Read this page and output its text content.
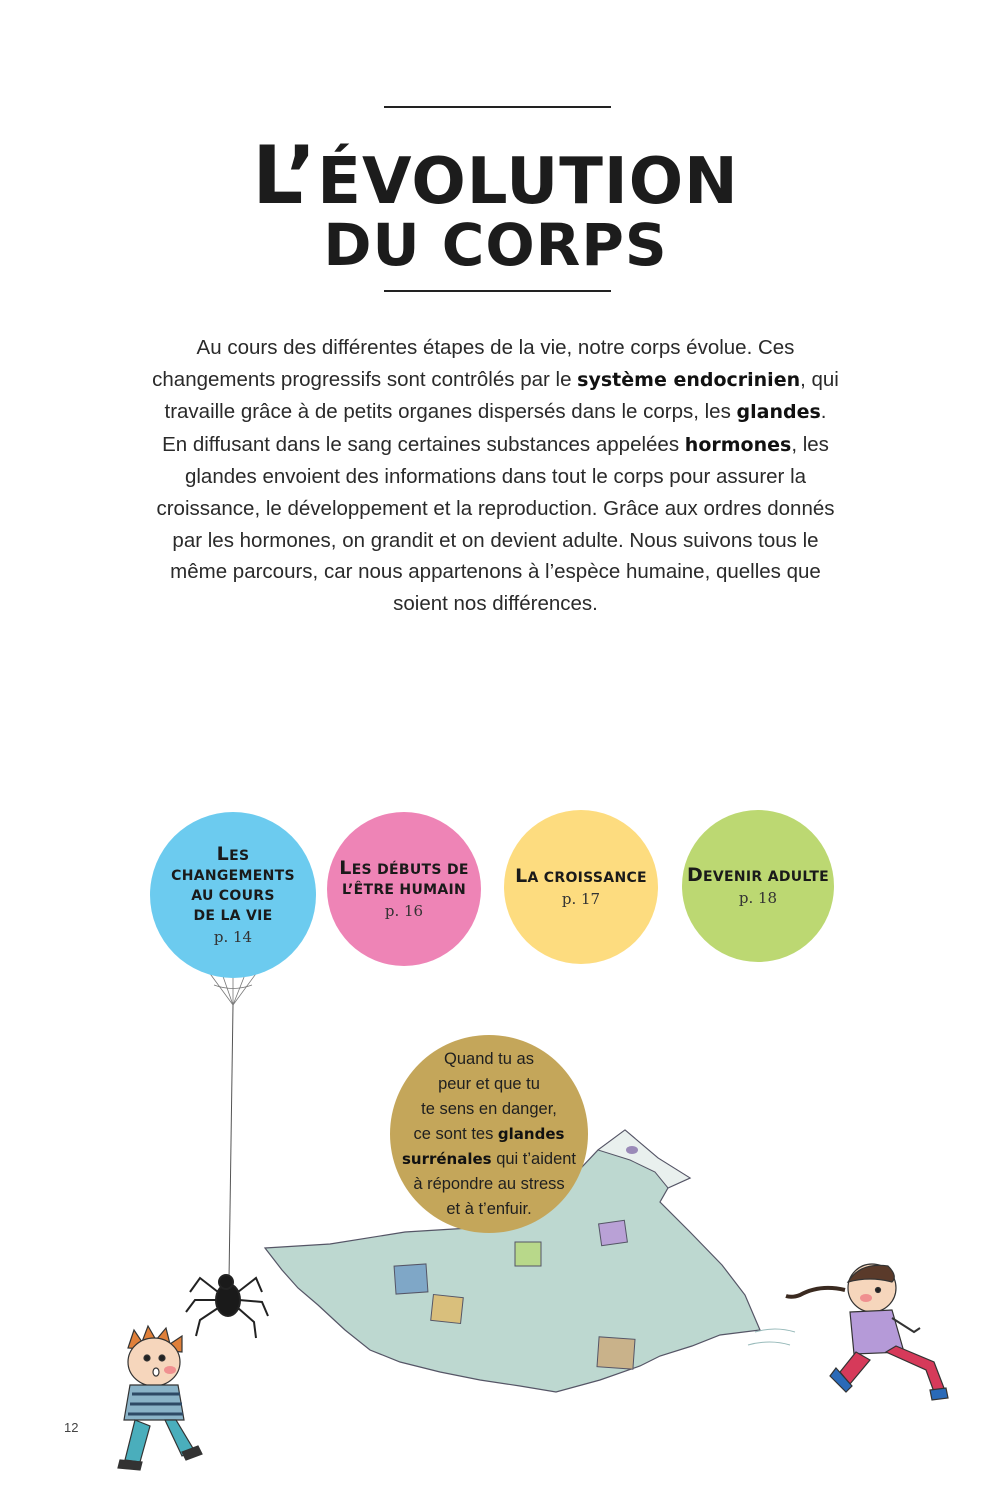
L’ÉVOLUTION
DU CORPS

Au cours des différentes étapes de la vie, notre corps évolue. Ces changements progressifs sont contrôlés par le système endocrinien, qui travaille grâce à de petits organes dispersés dans le corps, les glandes. En diffusant dans le sang certaines substances appelées hormones, les glandes envoient des informations dans tout le corps pour assurer la croissance, le développement et la reproduction. Grâce aux ordres donnés par les hormones, on grandit et on devient adulte. Nous suivons tous le même parcours, car nous appartenons à l’espèce humaine, quelles que soient nos différences.

LES
CHANGEMENTS
AU COURS
DE LA VIE
p. 14
LES DÉBUTS DE
L’ÊTRE HUMAIN
p. 16
LA CROISSANCE
p. 17
DEVENIR ADULTE
p. 18
Quand tu as
peur et que tu
te sens en danger,
ce sont tes glandes
surrénales qui t’aident
à répondre au stress
et à t’enfuir.
12
